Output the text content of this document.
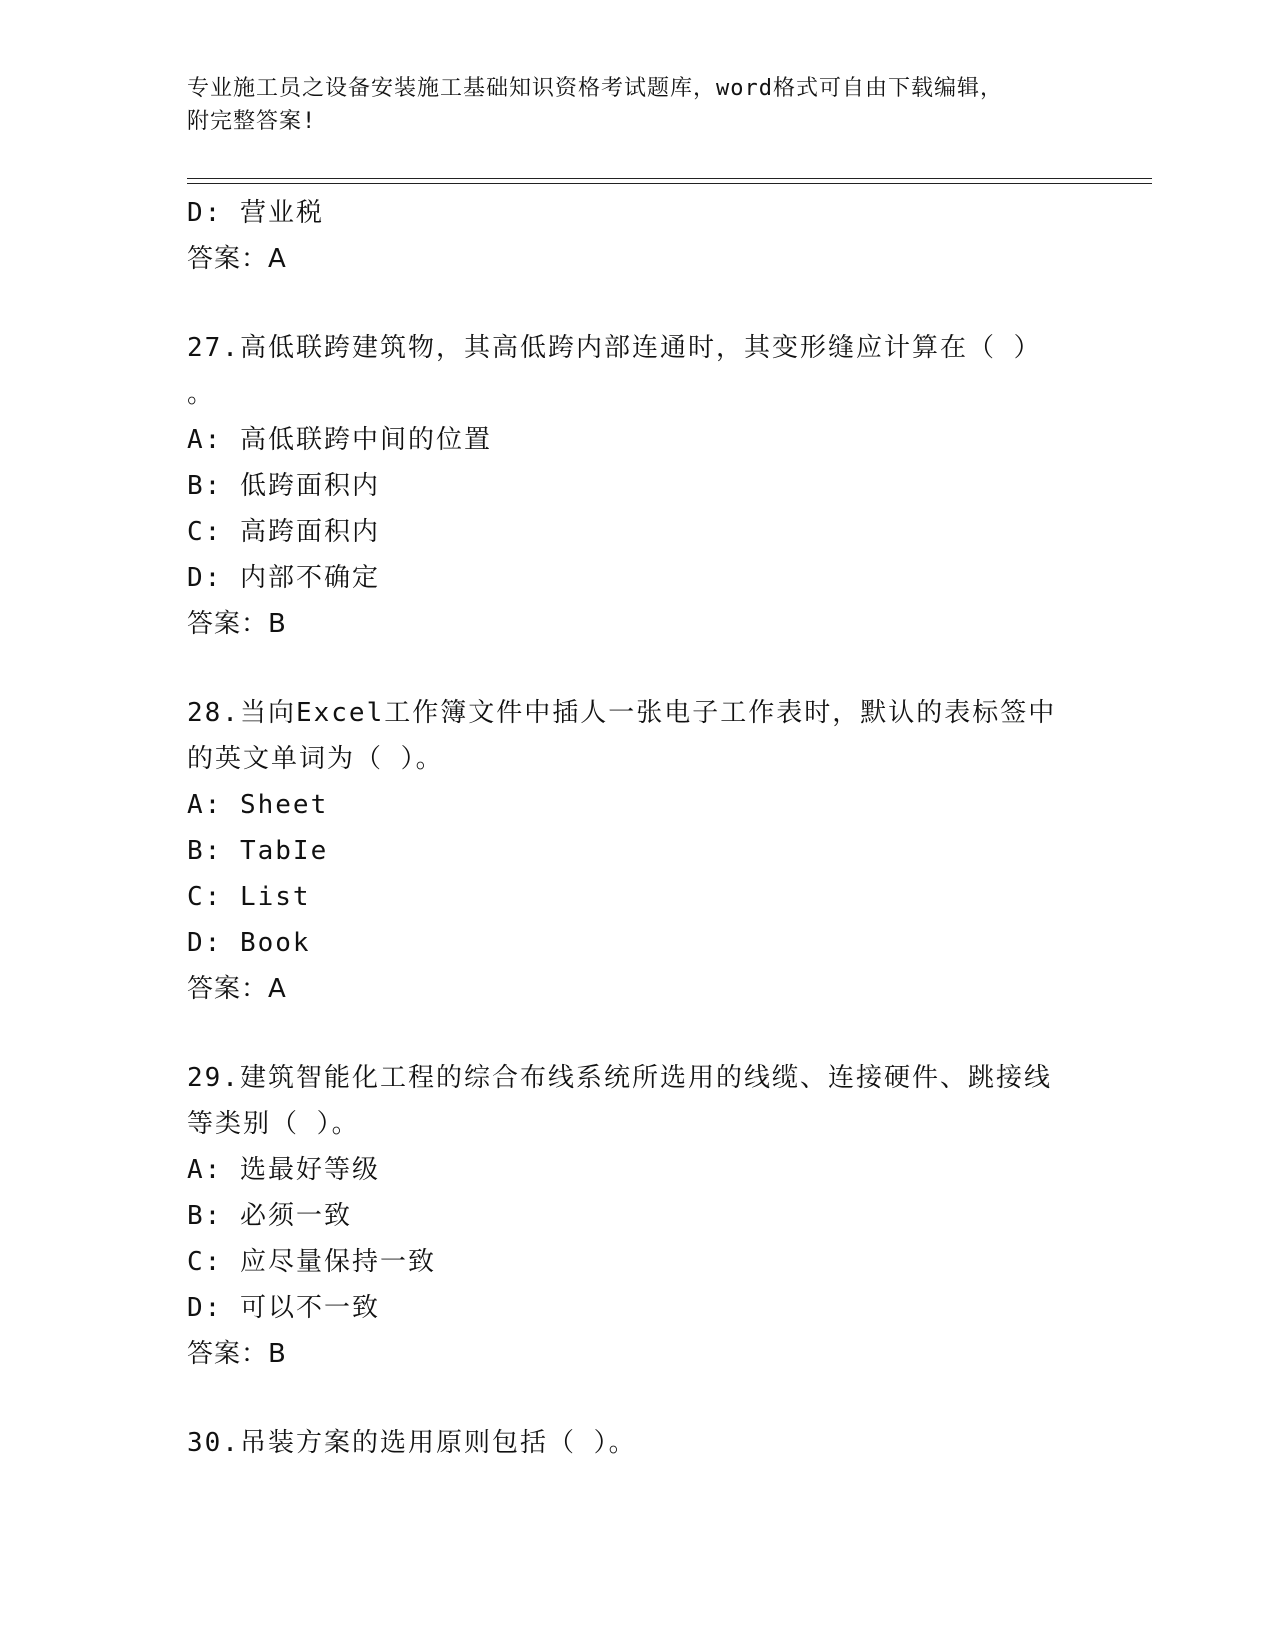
专业施工员之设备安装施工基础知识资格考试题库，word格式可自由下载编辑，
附完整答案!
D: 营业税
答案：A
27.高低联跨建筑物，其高低跨内部连通时，其变形缝应计算在（ ）
。
A: 高低联跨中间的位置
B: 低跨面积内
C: 高跨面积内
D: 内部不确定
答案：B
28.当向Excel工作簿文件中插人一张电子工作表时，默认的表标签中
的英文单词为（ ）。
A: Sheet
B: TabIe
C: List
D: Book
答案：A
29.建筑智能化工程的综合布线系统所选用的线缆、连接硬件、跳接线
等类别（ ）。
A: 选最好等级
B: 必须一致
C: 应尽量保持一致
D: 可以不一致
答案：B
30.吊装方案的选用原则包括（ ）。
